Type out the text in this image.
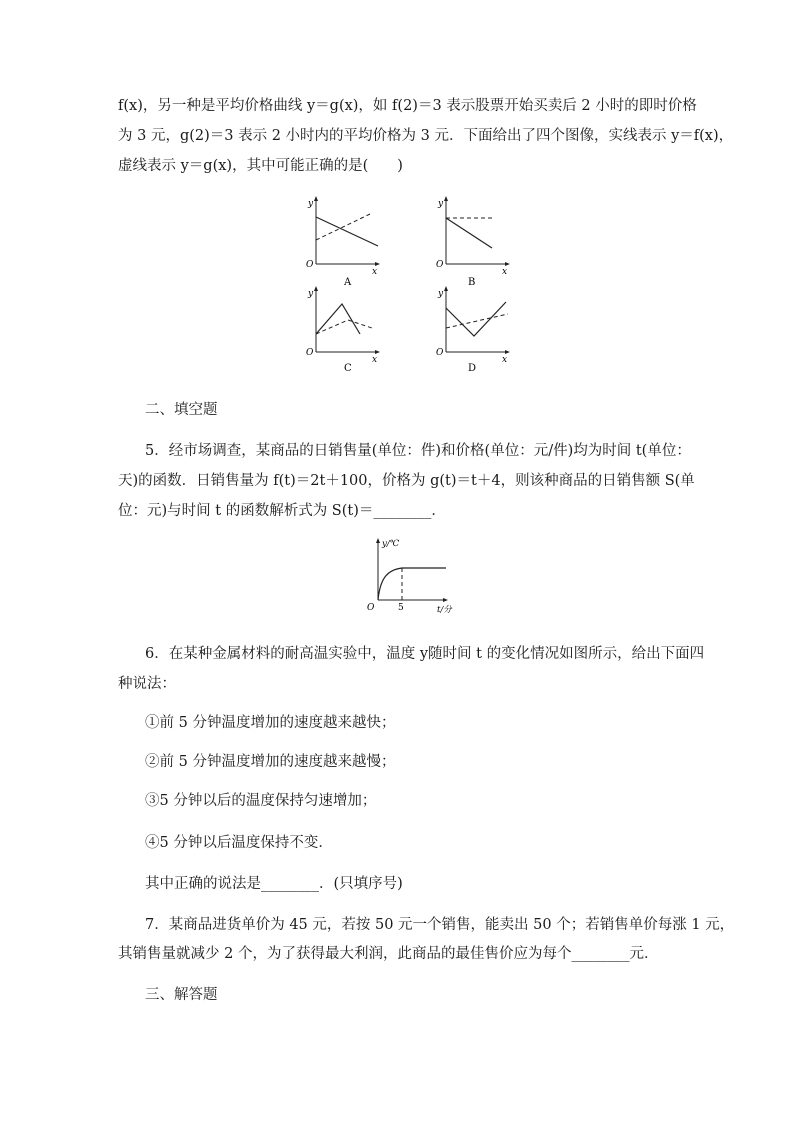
f(x)，另一种是平均价格曲线 y＝g(x)，如 f(2)＝3 表示股票开始买卖后 2 小时的即时价格
为 3 元，g(2)＝3 表示 2 小时内的平均价格为 3 元．下面给出了四个图像，实线表示 y＝f(x)，
虚线表示 y＝g(x)，其中可能正确的是(　　)
y
x
O
A
y
x
O
B
y
x
O
C
y
x
O
D
二、填空题
5．经市场调查，某商品的日销售量(单位：件)和价格(单位：元/件)均为时间 t(单位：
天)的函数．日销售量为 f(t)＝2t＋100，价格为 g(t)＝t＋4，则该种商品的日销售额 S(单
位：元)与时间 t 的函数解析式为 S(t)＝________．
y/℃
t/分
O	5
6．在某种金属材料的耐高温实验中，温度 y随时间 t 的变化情况如图所示，给出下面四
种说法：
①前 5 分钟温度增加的速度越来越快；
②前 5 分钟温度增加的速度越来越慢；
③5 分钟以后的温度保持匀速增加；
④5 分钟以后温度保持不变．
其中正确的说法是________．(只填序号)
7．某商品进货单价为 45 元，若按 50 元一个销售，能卖出 50 个；若销售单价每涨 1 元，
其销售量就减少 2 个，为了获得最大利润，此商品的最佳售价应为每个________元．
三、解答题
